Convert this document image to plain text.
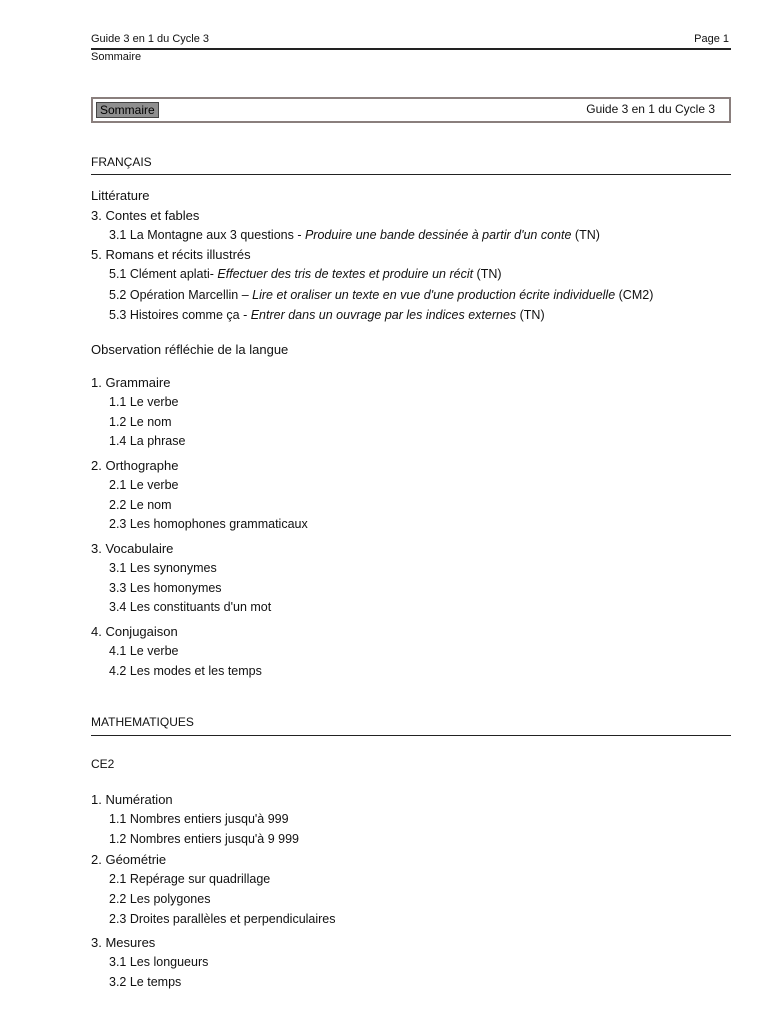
Guide 3 en 1 du Cycle 3	Page 1
Sommaire
Sommaire	Guide 3 en 1 du Cycle 3
FRANÇAIS
Littérature
3. Contes et fables
3.1 La Montagne aux 3 questions - Produire une bande dessinée à partir d'un conte (TN)
5. Romans et récits illustrés
5.1 Clément aplati- Effectuer des tris de textes et produire un récit (TN)
5.2 Opération Marcellin – Lire et oraliser un texte en vue d'une production écrite individuelle (CM2)
5.3 Histoires comme ça - Entrer dans un ouvrage par les indices externes (TN)
Observation réfléchie de la langue
1. Grammaire
1.1 Le verbe
1.2 Le nom
1.4 La phrase
2. Orthographe
2.1 Le verbe
2.2 Le nom
2.3 Les homophones grammaticaux
3. Vocabulaire
3.1 Les synonymes
3.3 Les homonymes
3.4 Les constituants d'un mot
4. Conjugaison
4.1 Le verbe
4.2 Les modes et les temps
MATHEMATIQUES
CE2
1. Numération
1.1 Nombres entiers jusqu'à 999
1.2 Nombres entiers jusqu'à 9 999
2. Géométrie
2.1 Repérage sur quadrillage
2.2 Les polygones
2.3 Droites parallèles et perpendiculaires
3. Mesures
3.1 Les longueurs
3.2 Le temps
